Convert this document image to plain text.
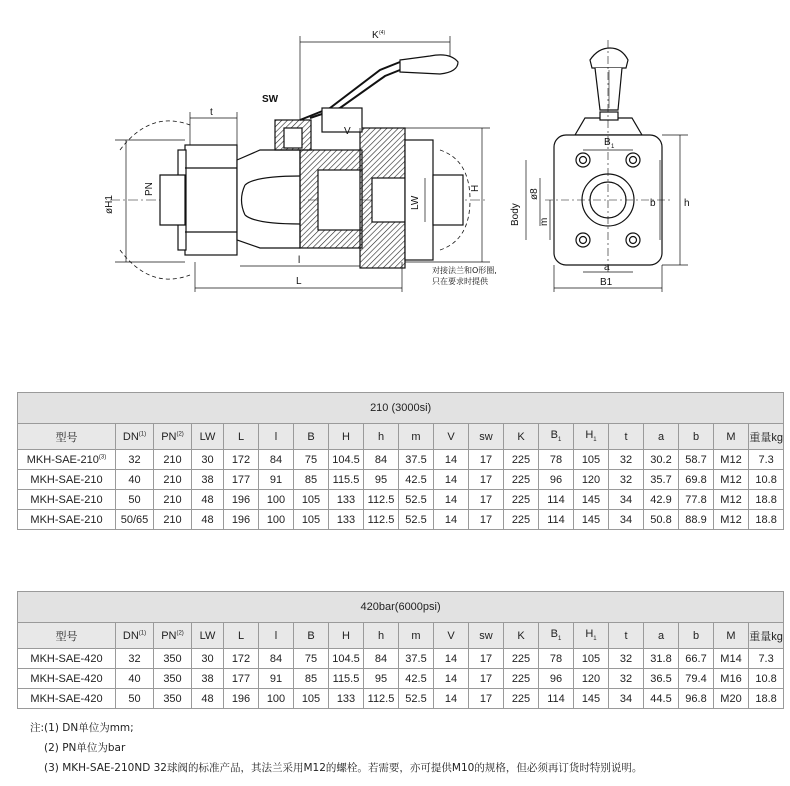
K (4)
SW
t
V
øH1
PN
LW
H
l
L
对接法兰和O形圈,
只在要求时提供
B 1
Body
ø8
m
b	h
a
B1
210 (3000si)																			
型号	DN$^{(1)}$	PN$^{(2)}$	LW	L	l	B	H	h	m	V	sw	K	$B_1$	$H_1$	t	a	b	M	重量kg
MKH-SAE-210$^{(3)}$	32	210	30	172	84	75	104.5	84	37.5	14	17	225	78	105	32	30.2	58.7	M12	7.3
MKH-SAE-210	40	210	38	177	91	85	115.5	95	42.5	14	17	225	96	120	32	35.7	69.8	M12	10.8
MKH-SAE-210	50	210	48	196	100	105	133	112.5	52.5	14	17	225	114	145	34	42.9	77.8	M12	18.8
MKH-SAE-210	50/65	210	48	196	100	105	133	112.5	52.5	14	17	225	114	145	34	50.8	88.9	M12	18.8
420bar(6000psi)																			
型号	DN$^{(1)}$	PN$^{(2)}$	LW	L	l	B	H	h	m	V	sw	K	$B_1$	$H_1$	t	a	b	M	重量kg
MKH-SAE-420	32	350	30	172	84	75	104.5	84	37.5	14	17	225	78	105	32	31.8	66.7	M14	7.3
MKH-SAE-420	40	350	38	177	91	85	115.5	95	42.5	14	17	225	96	120	32	36.5	79.4	M16	10.8
MKH-SAE-420	50	350	48	196	100	105	133	112.5	52.5	14	17	225	114	145	34	44.5	96.8	M20	18.8
注:(1) DN单位为mm;
(2) PN单位为bar
(3) MKH-SAE-210ND 32球阀的标准产品，其法兰采用M12的螺栓。若需要，亦可提供M10的规格，但必须再订货时特别说明。
